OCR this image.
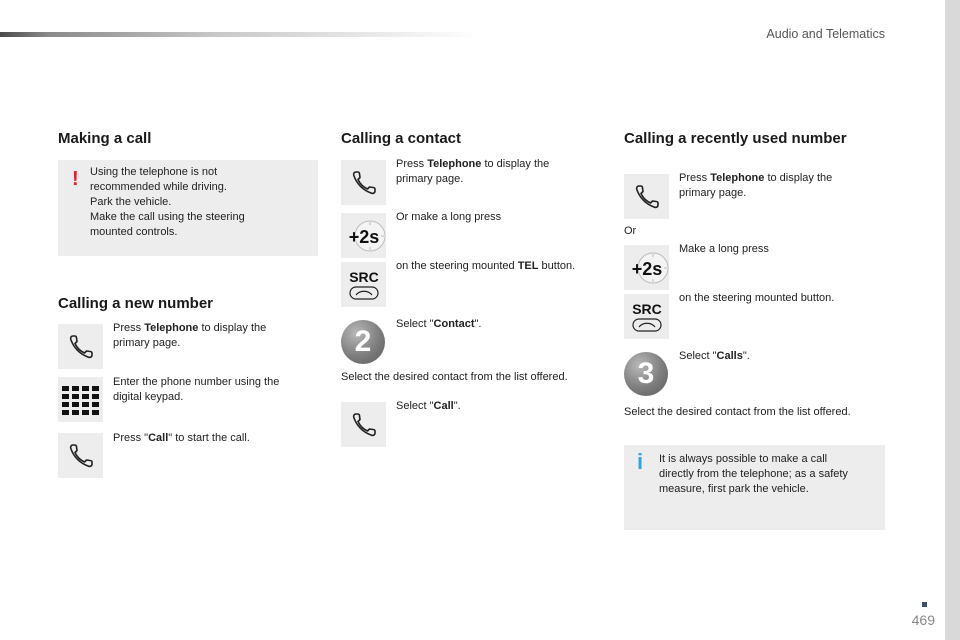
Audio and Telematics
Making a call
! Using the telephone is not
recommended while driving.
Park the vehicle.
Make the call using the steering
mounted controls.

Calling a new number

Press Telephone to display the
primary page.

Enter the phone number using the
digital keypad.

Press "Call" to start the call.

Calling a contact

Press Telephone to display the
primary page.

+2s

Or make a long press

SRC

on the steering mounted TEL button.

2

Select "Contact".

Select the desired contact from the list offered.

Select "Call".

Calling a recently used number

Press Telephone to display the
primary page.

Or

+2s

Make a long press

SRC

on the steering mounted button.

3

Select "Calls".

Select the desired contact from the list offered.

i It is always possible to make a call
directly from the telephone; as a safety
measure, first park the vehicle.

469
